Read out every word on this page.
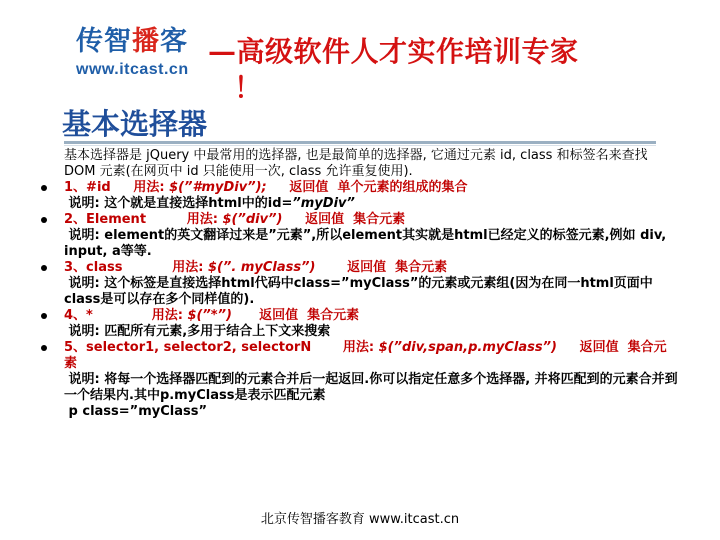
传智播客
www.itcast.cn
—高级软件人才实作培训专家
！
基本选择器
基本选择器是 jQuery 中最常用的选择器, 也是最简单的选择器, 它通过元素 id, class 和标签名来查找 DOM 元素(在网页中 id 只能使用一次, class 允许重复使用).
1、#id 用法: $(”#myDiv”); 返回值 单个元素的组成的集合
说明: 这个就是直接选择html中的id=”myDiv”
2、Element	用法: $(”div”) 返回值 集合元素
说明: element的英文翻译过来是”元素”,所以element其实就是html已经定义的标签元素,例如 div, input, a等等.
3、class	用法: $(”. myClass”) 返回值 集合元素
说明: 这个标签是直接选择html代码中class=”myClass”的元素或元素组(因为在同一html页面中class是可以存在多个同样值的).
4、*	用法: $(”*”) 返回值 集合元素
说明: 匹配所有元素,多用于结合上下文来搜索
5、selector1, selector2, selectorN 用法: $(”div,span,p.myClass”) 返回值 集合元素
说明: 将每一个选择器匹配到的元素合并后一起返回.你可以指定任意多个选择器, 并将匹配到的元素合并到一个结果内.其中p.myClass是表示匹配元素
p class=”myClass”
北京传智播客教育 www.itcast.cn
